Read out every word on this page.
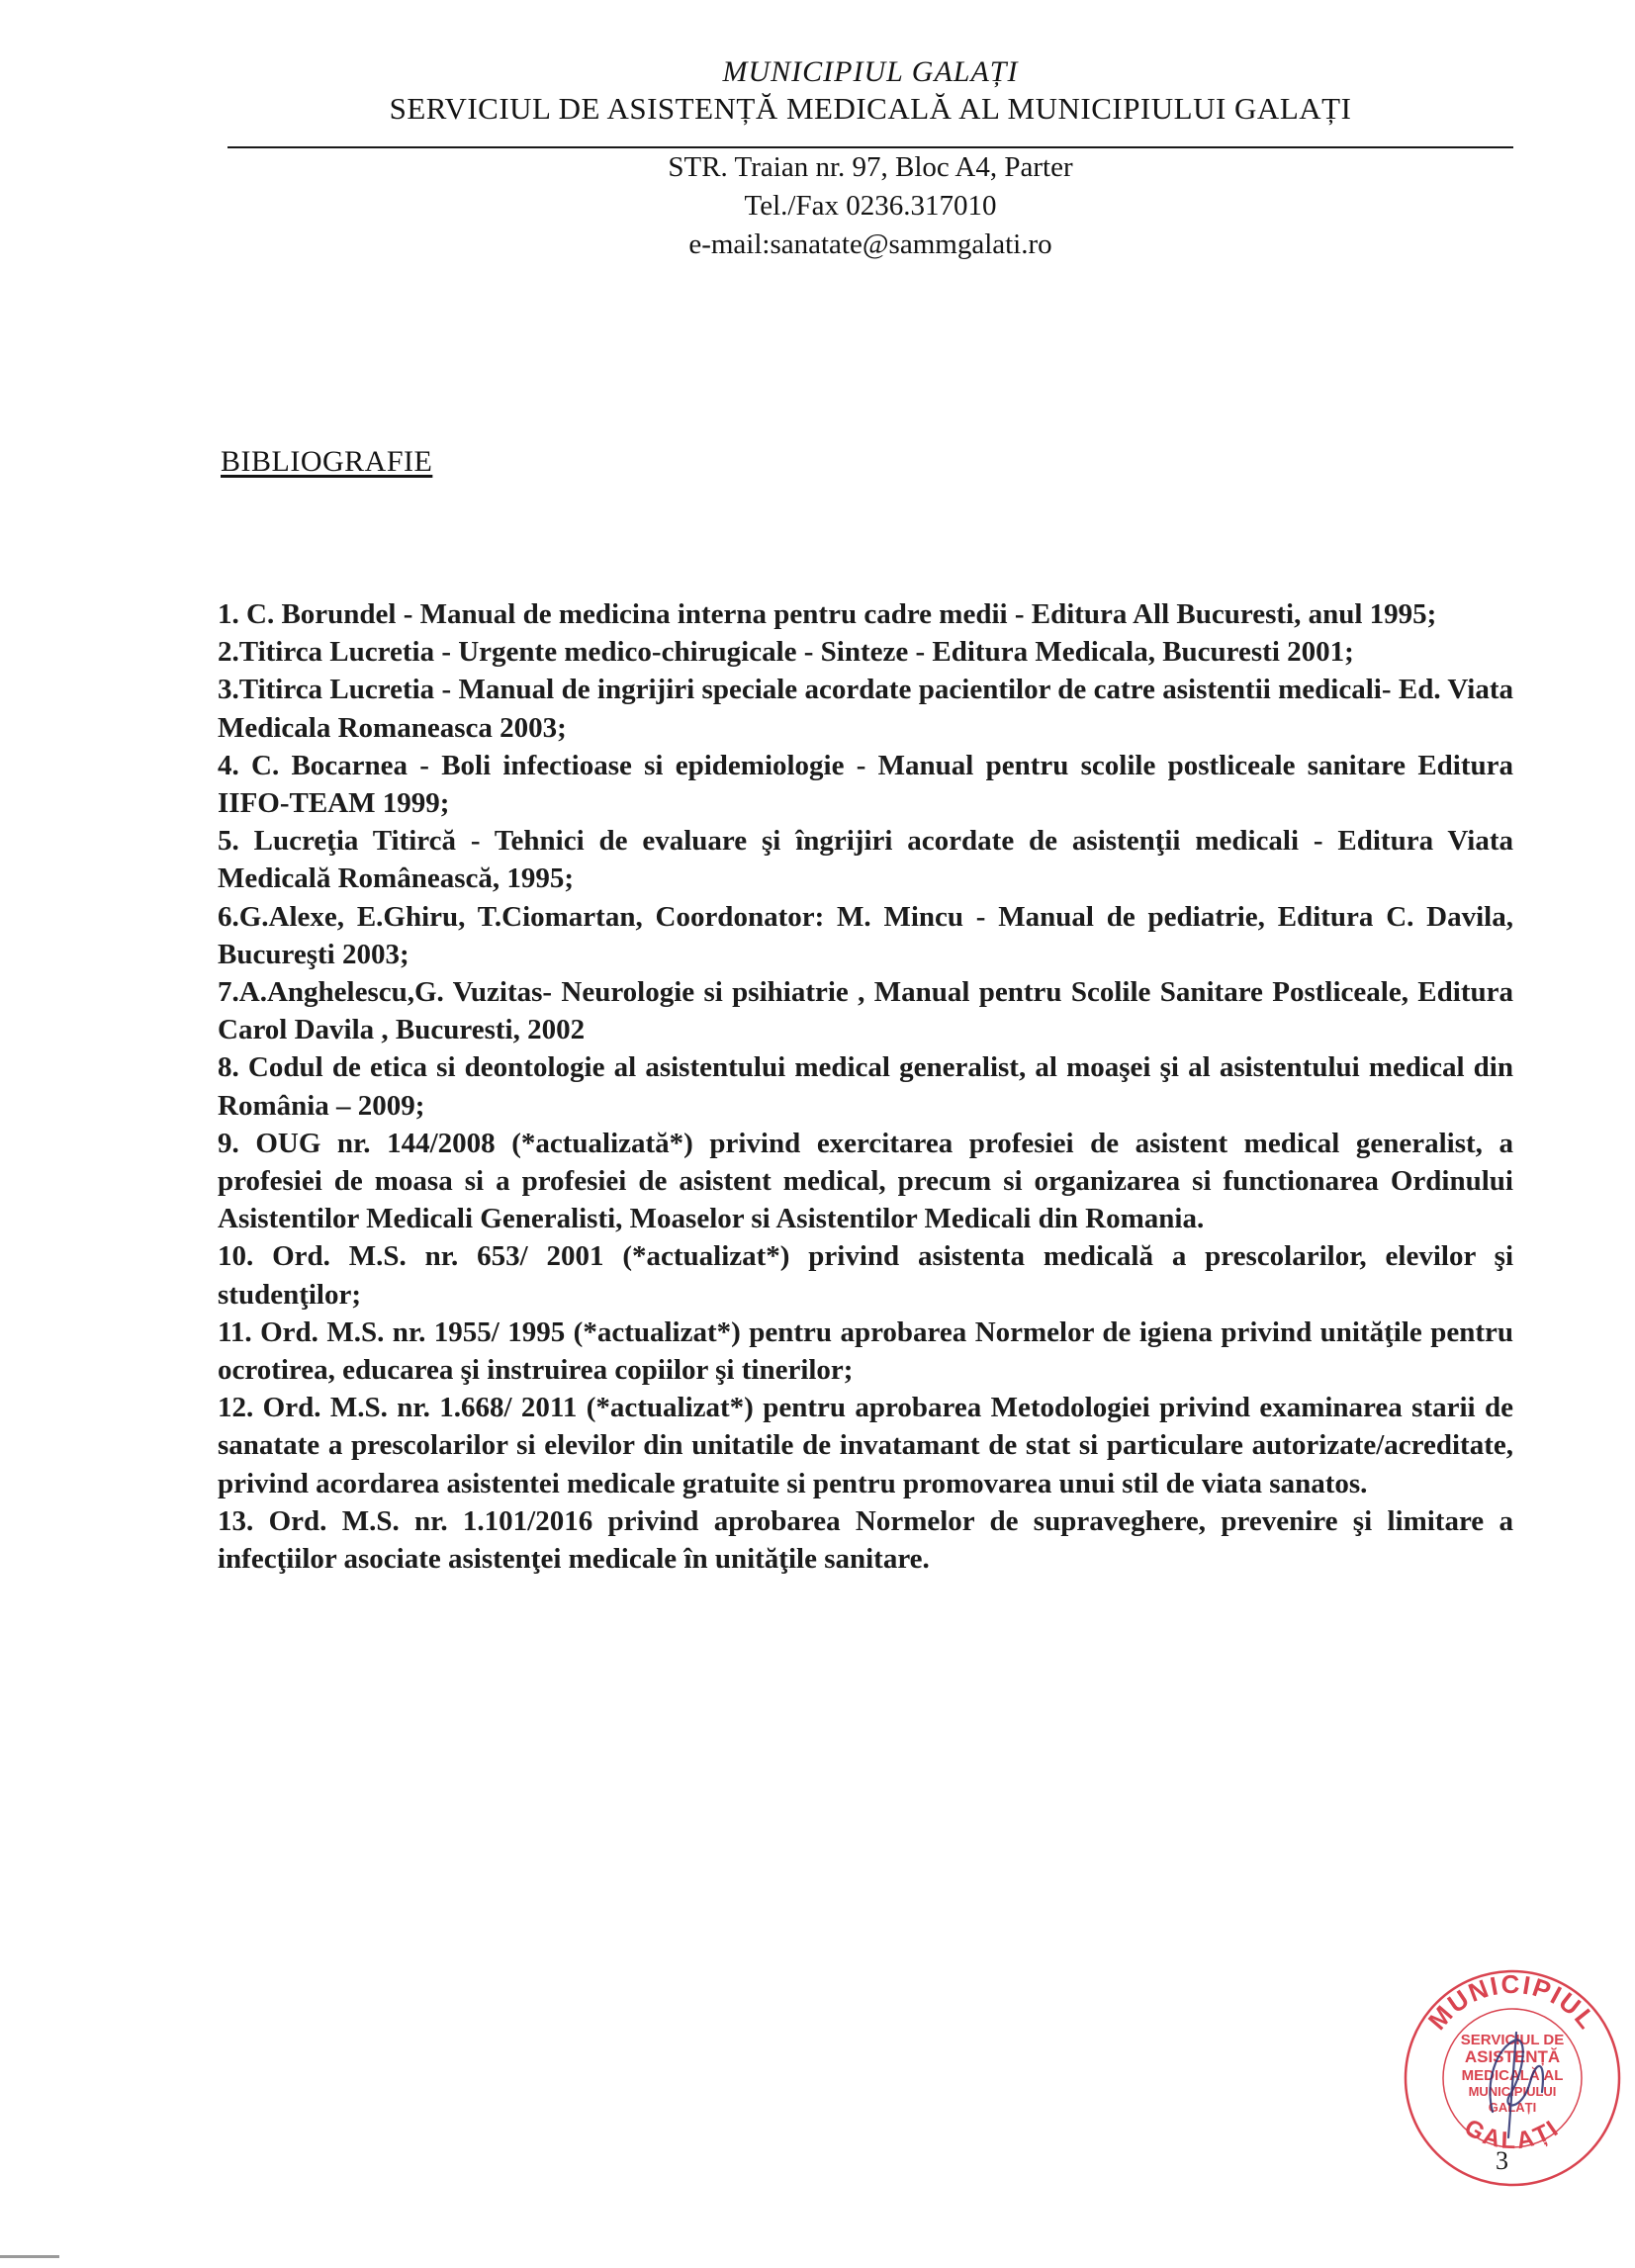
MUNICIPIUL GALAȚI
SERVICIUL DE ASISTENȚĂ MEDICALĂ AL MUNICIPIULUI GALAȚI
STR. Traian nr. 97, Bloc A4, Parter
Tel./Fax 0236.317010
e-mail:sanatate@sammgalati.ro
BIBLIOGRAFIE

1. C. Borundel - Manual de medicina interna pentru cadre medii - Editura All Bucuresti, anul 1995;

2.Titirca Lucretia - Urgente medico-chirugicale - Sinteze - Editura Medicala, Bucuresti 2001;

3.Titirca Lucretia - Manual de ingrijiri speciale acordate pacientilor de catre asistentii medicali- Ed. Viata Medicala Romaneasca 2003;

4. C. Bocarnea - Boli infectioase si epidemiologie - Manual pentru scolile postliceale sanitare Editura IIFO-TEAM 1999;

5. Lucreţia Titircă - Tehnici de evaluare şi îngrijiri acordate de asistenţii medicali - Editura Viata Medicală Românească, 1995;

6.G.Alexe, E.Ghiru, T.Ciomartan, Coordonator: M. Mincu - Manual de pediatrie, Editura C. Davila, Bucureşti 2003;

7.A.Anghelescu,G. Vuzitas- Neurologie si psihiatrie , Manual pentru Scolile Sanitare Postliceale, Editura Carol Davila , Bucuresti, 2002

8. Codul de etica si deontologie al asistentului medical generalist, al moaşei şi al asistentului medical din România – 2009;

9. OUG nr. 144/2008 (*actualizată*) privind exercitarea profesiei de asistent medical generalist, a profesiei de moasa si a profesiei de asistent medical, precum si organizarea si functionarea Ordinului Asistentilor Medicali Generalisti, Moaselor si Asistentilor Medicali din Romania.

10. Ord. M.S. nr. 653/ 2001 (*actualizat*) privind asistenta medicală a prescolarilor, elevilor şi studenţilor;

11. Ord. M.S. nr. 1955/ 1995 (*actualizat*) pentru aprobarea Normelor de igiena privind unităţile pentru ocrotirea, educarea şi instruirea copiilor şi tinerilor;

12. Ord. M.S. nr. 1.668/ 2011 (*actualizat*) pentru aprobarea Metodologiei privind examinarea starii de sanatate a prescolarilor si elevilor din unitatile de invatamant de stat si particulare autorizate/acreditate, privind acordarea asistentei medicale gratuite si pentru promovarea unui stil de viata sanatos.

13. Ord. M.S. nr. 1.101/2016 privind aprobarea Normelor de supraveghere, prevenire şi limitare a infecţiilor asociate asistenţei medicale în unităţile sanitare.

MUNICIPIUL
GALAȚI
SERVICIUL DE
ASISTENȚĂ
MEDICALĂ AL
MUNICIPIULUI
GALAȚI
3
